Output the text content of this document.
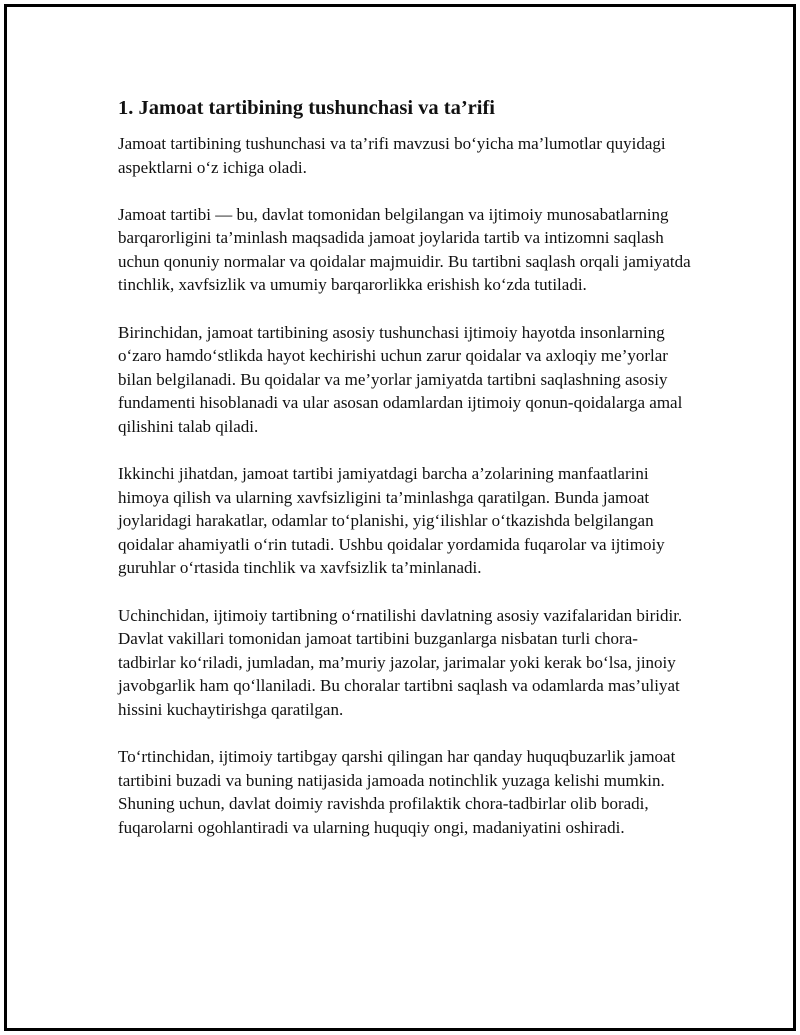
1. Jamoat tartibining tushunchasi va ta’rifi

Jamoat tartibining tushunchasi va ta’rifi mavzusi bo‘yicha ma’lumotlar quyidagi aspektlarni o‘z ichiga oladi.

Jamoat tartibi — bu, davlat tomonidan belgilangan va ijtimoiy munosabatlarning barqarorligini ta’minlash maqsadida jamoat joylarida tartib va intizomni saqlash uchun qonuniy normalar va qoidalar majmuidir. Bu tartibni saqlash orqali jamiyatda tinchlik, xavfsizlik va umumiy barqarorlikka erishish ko‘zda tutiladi.

Birinchidan, jamoat tartibining asosiy tushunchasi ijtimoiy hayotda insonlarning o‘zaro hamdo‘stlikda hayot kechirishi uchun zarur qoidalar va axloqiy me’yorlar bilan belgilanadi. Bu qoidalar va me’yorlar jamiyatda tartibni saqlashning asosiy fundamenti hisoblanadi va ular asosan odamlardan ijtimoiy qonun-qoidalarga amal qilishini talab qiladi.

Ikkinchi jihatdan, jamoat tartibi jamiyatdagi barcha a’zolarining manfaatlarini himoya qilish va ularning xavfsizligini ta’minlashga qaratilgan. Bunda jamoat joylaridagi harakatlar, odamlar to‘planishi, yig‘ilishlar o‘tkazishda belgilangan qoidalar ahamiyatli o‘rin tutadi. Ushbu qoidalar yordamida fuqarolar va ijtimoiy guruhlar o‘rtasida tinchlik va xavfsizlik ta’minlanadi.

Uchinchidan, ijtimoiy tartibning o‘rnatilishi davlatning asosiy vazifalaridan biridir. Davlat vakillari tomonidan jamoat tartibini buzganlarga nisbatan turli chora-tadbirlar ko‘riladi, jumladan, ma’muriy jazolar, jarimalar yoki kerak bo‘lsa, jinoiy javobgarlik ham qo‘llaniladi. Bu choralar tartibni saqlash va odamlarda mas’uliyat hissini kuchaytirishga qaratilgan.

To‘rtinchidan, ijtimoiy tartibgay qarshi qilingan har qanday huquqbuzarlik jamoat tartibini buzadi va buning natijasida jamoada notinchlik yuzaga kelishi mumkin. Shuning uchun, davlat doimiy ravishda profilaktik chora-tadbirlar olib boradi, fuqarolarni ogohlantiradi va ularning huquqiy ongi, madaniyatini oshiradi.
